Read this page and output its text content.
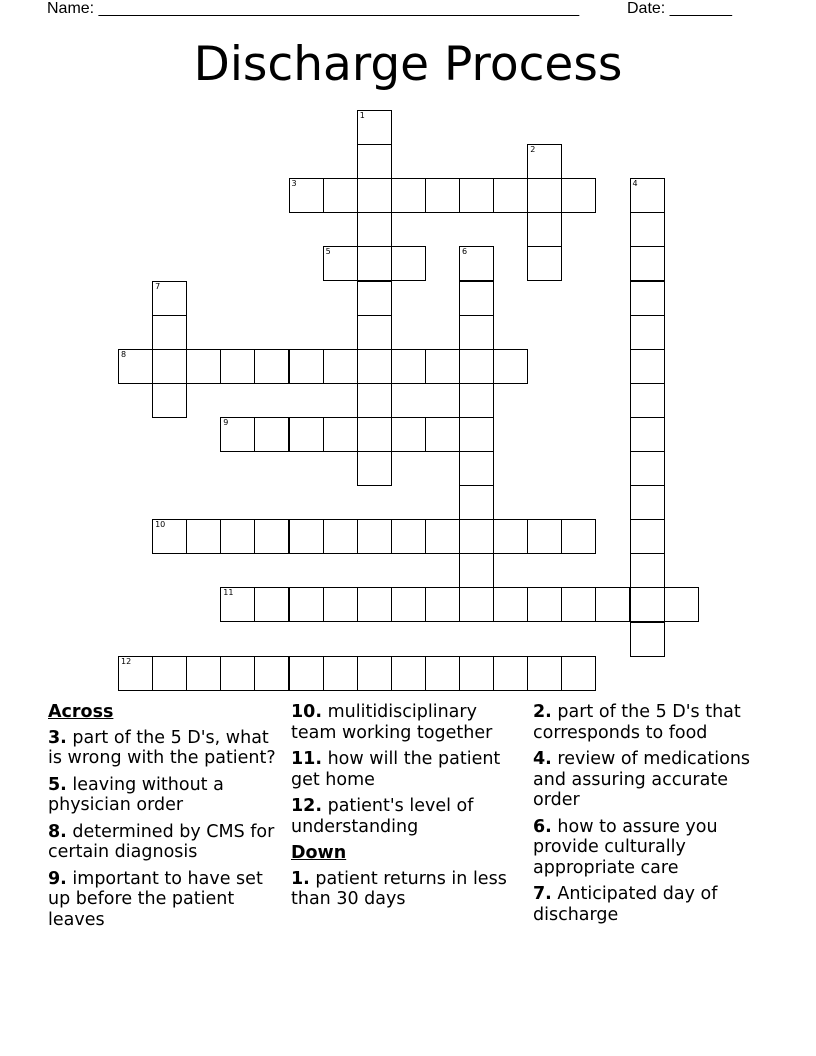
Name: ______________________________________________________	Date: _______
Discharge Process
1
2
3	4
5	6
7
8
9
10
11
12
Across
3. part of the 5 D's, what is wrong with the patient?
5. leaving without a physician order
8. determined by CMS for certain diagnosis
9. important to have set up before the patient leaves
10. mulitidisciplinary team working together
11. how will the patient get home
12. patient's level of understanding
Down
1. patient returns in less than 30 days
2. part of the 5 D's that corresponds to food
4. review of medications and assuring accurate order
6. how to assure you provide culturally appropriate care
7. Anticipated day of discharge
